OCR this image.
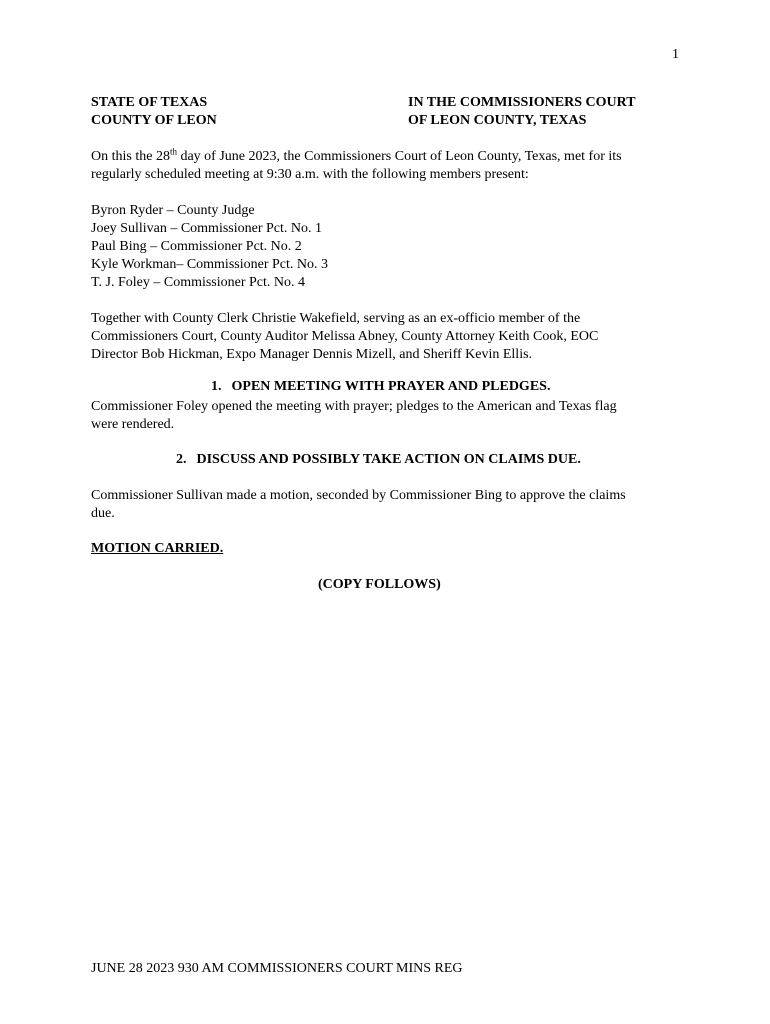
1
STATE OF TEXAS
COUNTY OF LEON
IN THE COMMISSIONERS COURT
OF LEON COUNTY, TEXAS
On this the 28th day of June 2023, the Commissioners Court of Leon County, Texas, met for its
regularly scheduled meeting at 9:30 a.m. with the following members present:
Byron Ryder – County Judge
Joey Sullivan – Commissioner Pct. No. 1
Paul Bing – Commissioner Pct. No. 2
Kyle Workman– Commissioner Pct. No. 3
T. J. Foley – Commissioner Pct. No. 4
Together with County Clerk Christie Wakefield, serving as an ex-officio member of the
Commissioners Court, County Auditor Melissa Abney, County Attorney Keith Cook, EOC
Director Bob Hickman, Expo Manager Dennis Mizell, and Sheriff Kevin Ellis.
1. OPEN MEETING WITH PRAYER AND PLEDGES.
Commissioner Foley opened the meeting with prayer; pledges to the American and Texas flag
were rendered.
2. DISCUSS AND POSSIBLY TAKE ACTION ON CLAIMS DUE.
Commissioner Sullivan made a motion, seconded by Commissioner Bing to approve the claims
due.
MOTION CARRIED.
(COPY FOLLOWS)
JUNE 28 2023 930 AM COMMISSIONERS COURT MINS REG
